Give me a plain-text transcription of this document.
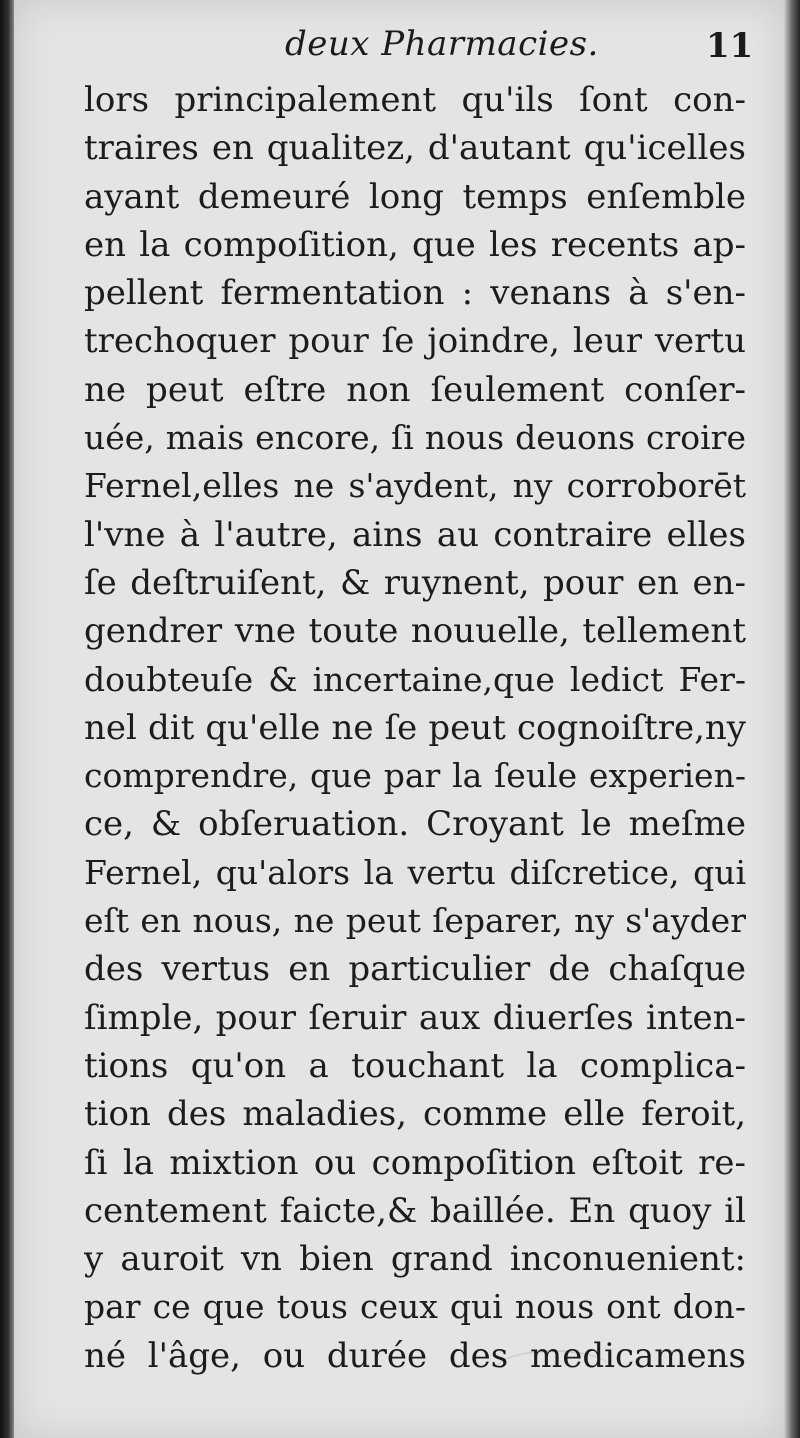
deux Pharmacies.	11
lors principalement qu'ils ſont con-
traires en qualitez, d'autant qu'icelles
ayant demeuré long temps enſemble
en la compoſition, que les recents ap-
pellent fermentation : venans à s'en-
trechoquer pour ſe joindre, leur vertu
ne peut eſtre non ſeulement conſer-
uée, mais encore, ſi nous deuons croire
Fernel,elles ne s'aydent, ny corroborēt
l'vne à l'autre, ains au contraire elles
ſe deſtruiſent, & ruynent, pour en en-
gendrer vne toute nouuelle, tellement
doubteuſe & incertaine,que ledict Fer-
nel dit qu'elle ne ſe peut cognoiſtre,ny
comprendre, que par la ſeule experien-
ce, & obſeruation. Croyant le meſme
Fernel, qu'alors la vertu diſcretice, qui
eſt en nous, ne peut ſeparer, ny s'ayder
des vertus en particulier de chaſque
ſimple, pour ſeruir aux diuerſes inten-
tions qu'on a touchant la complica-
tion des maladies, comme elle feroit,
ſi la mixtion ou compoſition eſtoit re-
centement faicte,& baillée. En quoy il
y auroit vn bien grand inconuenient:
par ce que tous ceux qui nous ont don-
né l'âge, ou durée des medicamens
